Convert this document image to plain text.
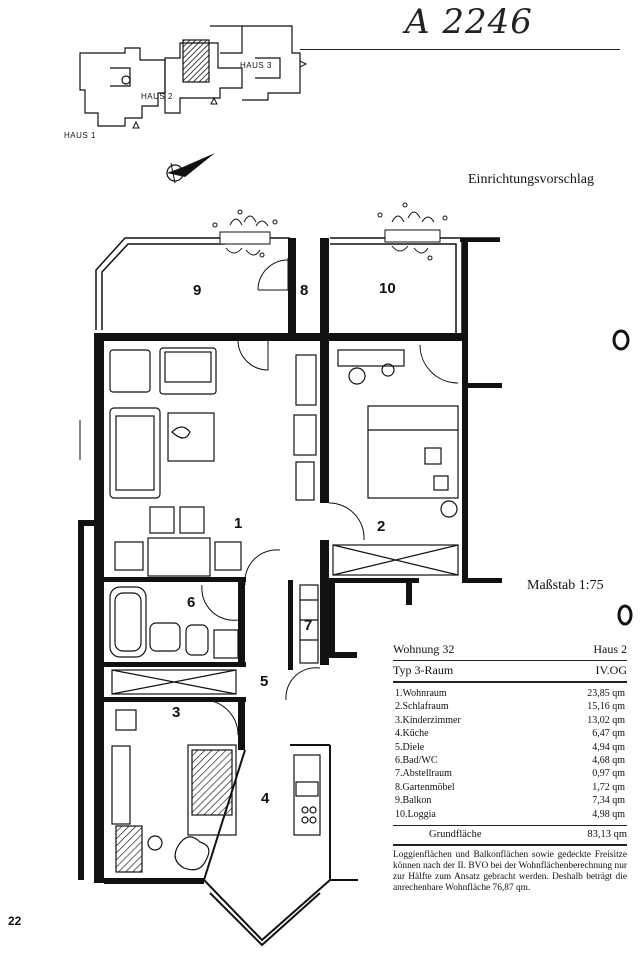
A 2246
HAUS 1
HAUS 2
HAUS 3
Einrichtungsvorschlag
9	8	10
1	2
6
7
5
3
4
Maßstab 1:75
Wohnung 32	Haus 2
Typ 3-Raum	IV.OG
1.Wohnraum	23,85 qm
2.Schlafraum	15,16 qm
3.Kinderzimmer	13,02 qm
4.Küche	6,47 qm
5.Diele	4,94 qm
6.Bad/WC	4,68 qm
7.Abstellraum	0,97 qm
8.Gartenmöbel	1,72 qm
9.Balkon	7,34 qm
10.Loggia	4,98 qm
Grundfläche	83,13 qm
Loggienflächen und Balkonflächen sowie gedeckte Freisitze können nach der II. BVO bei der Wohnflächenberechnung nur zur Hälfte zum Ansatz gebracht werden. Deshalb beträgt die anrechenbare Wohnfläche 76,87 qm.
22
